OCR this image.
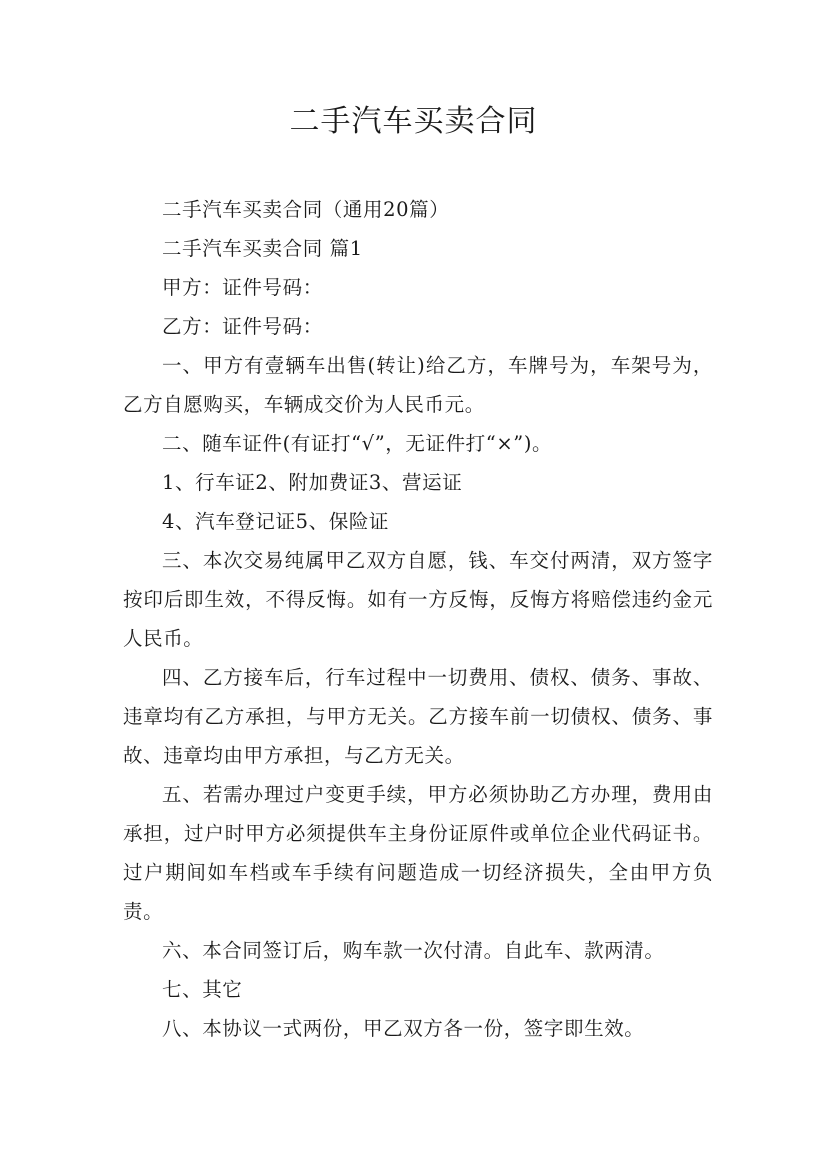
二手汽车买卖合同

二手汽车买卖合同（通用20篇）

二手汽车买卖合同 篇1

甲方：证件号码：

乙方：证件号码：

一、甲方有壹辆车出售(转让)给乙方，车牌号为，车架号为，乙方自愿购买，车辆成交价为人民币元。

二、随车证件(有证打“√”，无证件打“×”)。

1、行车证2、附加费证3、营运证

4、汽车登记证5、保险证

三、本次交易纯属甲乙双方自愿，钱、车交付两清，双方签字按印后即生效，不得反悔。如有一方反悔，反悔方将赔偿违约金元人民币。

四、乙方接车后，行车过程中一切费用、债权、债务、事故、违章均有乙方承担，与甲方无关。乙方接车前一切债权、债务、事故、违章均由甲方承担，与乙方无关。

五、若需办理过户变更手续，甲方必须协助乙方办理，费用由承担，过户时甲方必须提供车主身份证原件或单位企业代码证书。过户期间如车档或车手续有问题造成一切经济损失，全由甲方负责。

六、本合同签订后，购车款一次付清。自此车、款两清。

七、其它

八、本协议一式两份，甲乙双方各一份，签字即生效。
